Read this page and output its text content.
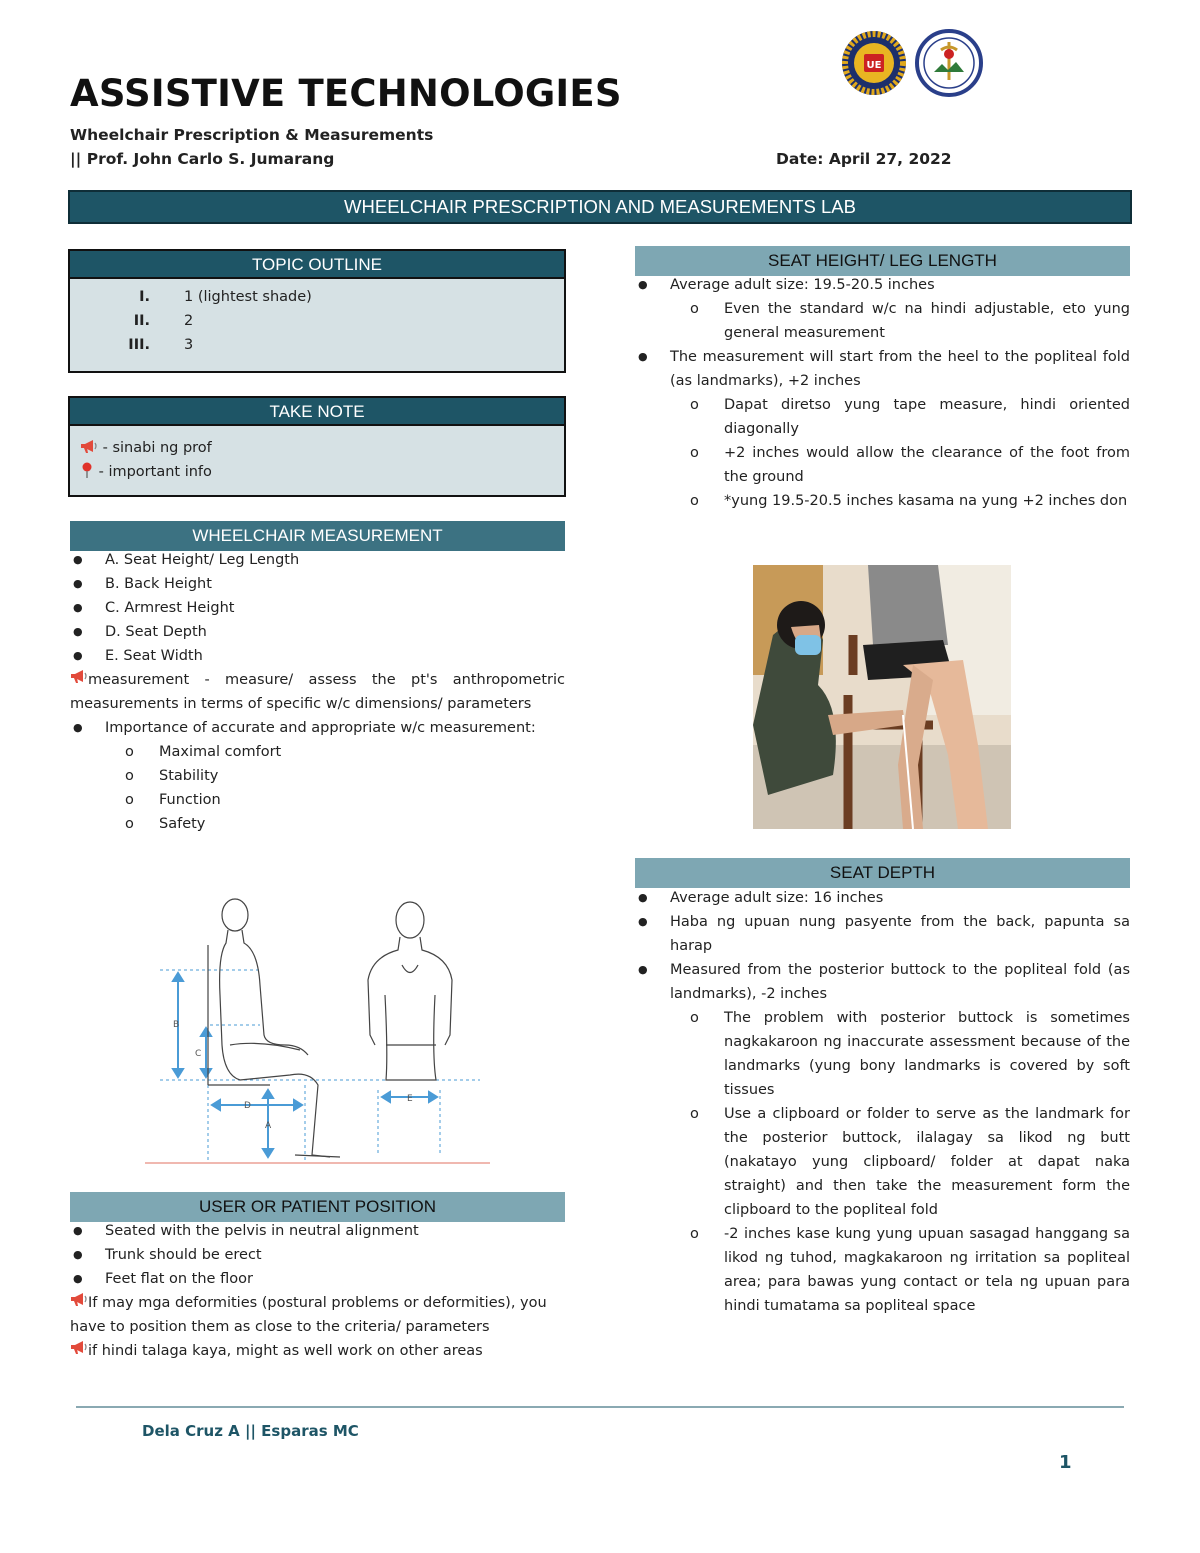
UE
ASSISTIVE TECHNOLOGIES
Wheelchair Prescription & Measurements
|| Prof. John Carlo S. Jumarang	Date: April 27, 2022
WHEELCHAIR PRESCRIPTION AND MEASUREMENTS LAB
TOPIC OUTLINE
I.	1 (lightest shade)
II.	2
III.	3
TAKE NOTE
- sinabi ng prof
- important info
WHEELCHAIR MEASUREMENT
● A. Seat Height/ Leg Length
● B. Back Height
● C. Armrest Height
● D. Seat Depth
● E. Seat Width
measurement - measure/ assess the pt's anthropometric measurements in terms of specific w/c dimensions/ parameters
● Importance of accurate and appropriate w/c measurement:
o Maximal comfort
o Stability
o Function
o Safety
B
C
D
A
E
USER OR PATIENT POSITION
● Seated with the pelvis in neutral alignment
● Trunk should be erect
● Feet flat on the floor
If may mga deformities (postural problems or deformities), you have to position them as close to the criteria/ parameters
if hindi talaga kaya, might as well work on other areas
SEAT HEIGHT/ LEG LENGTH
● Average adult size: 19.5-20.5 inches
o Even the standard w/c na hindi adjustable, eto yung general measurement
● The measurement will start from the heel to the popliteal fold (as landmarks), +2 inches
o Dapat diretso yung tape measure, hindi oriented diagonally
o +2 inches would allow the clearance of the foot from the ground
o *yung 19.5-20.5 inches kasama na yung +2 inches don
SEAT DEPTH
● Average adult size: 16 inches
● Haba ng upuan nung pasyente from the back, papunta sa harap
● Measured from the posterior buttock to the popliteal fold (as landmarks), -2 inches
o The problem with posterior buttock is sometimes nagkakaroon ng inaccurate assessment because of the landmarks (yung bony landmarks is covered by soft tissues
o Use a clipboard or folder to serve as the landmark for the posterior buttock, ilalagay sa likod ng butt (nakatayo yung clipboard/ folder at dapat naka straight) and then take the measurement form the clipboard to the popliteal fold
o -2 inches kase kung yung upuan sasagad hanggang sa likod ng tuhod, magkakaroon ng irritation sa popliteal area; para bawas yung contact or tela ng upuan para hindi tumatama sa popliteal space
Dela Cruz A || Esparas MC
1
